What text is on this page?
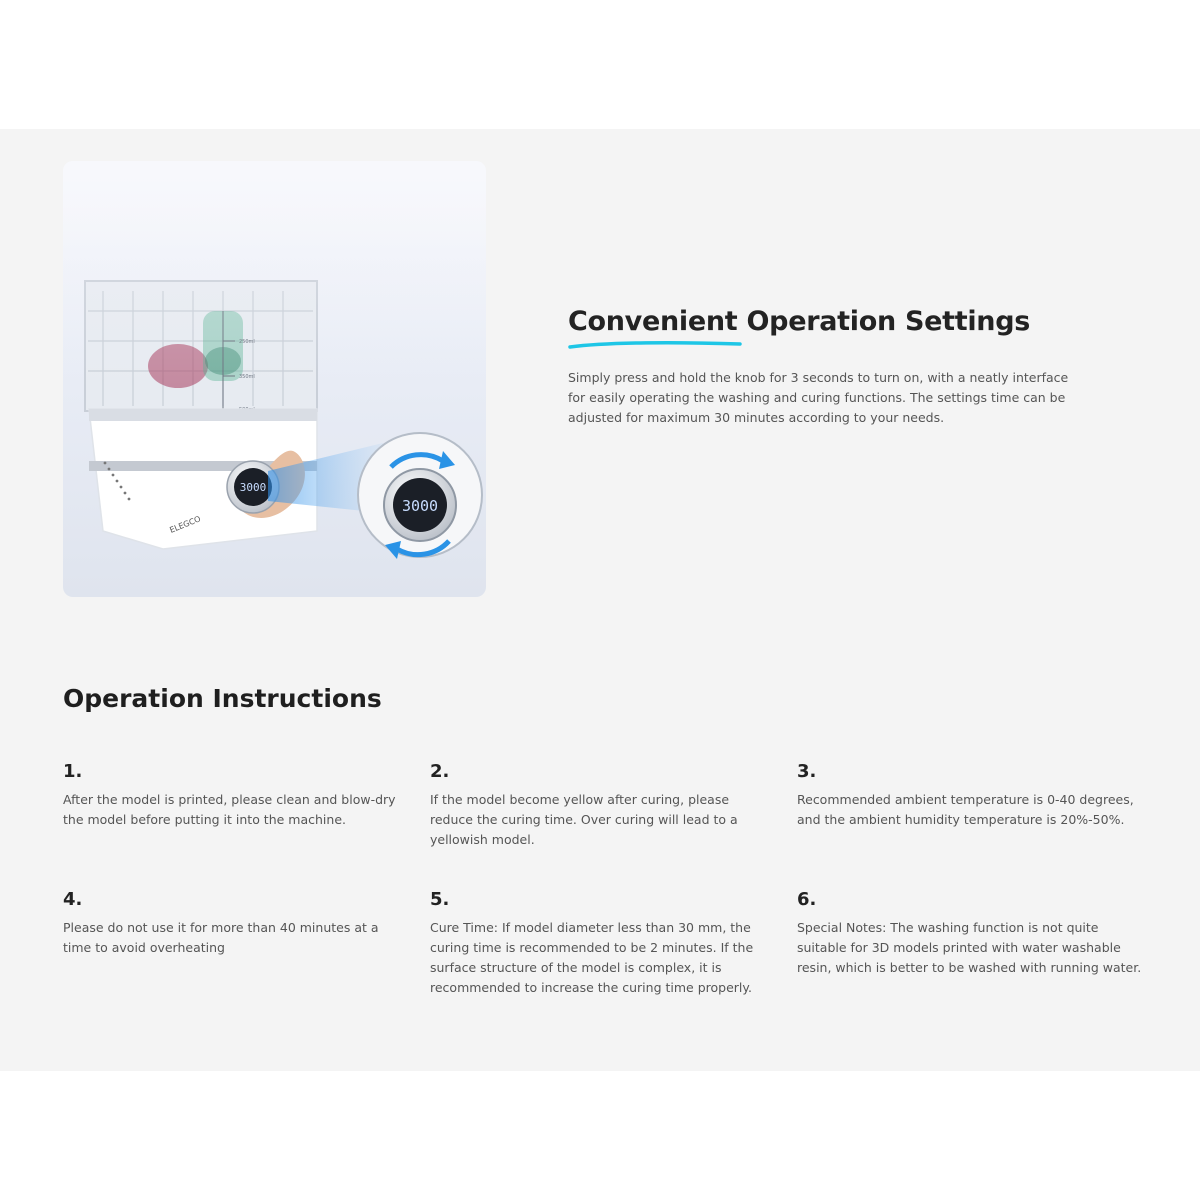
ELEGCO
3000
3000
Convenient Operation Settings

Simply press and hold the knob for 3 seconds to turn on, with a neatly interface for easily operating the washing and curing functions. The settings time can be adjusted for maximum 30 minutes according to your needs.

Operation Instructions
1.

After the model is printed, please clean and blow-dry the model before putting it into the machine.

2.

If the model become yellow after curing, please reduce the curing time. Over curing will lead to a yellowish model.

3.

Recommended ambient temperature is 0-40 degrees, and the ambient humidity temperature is 20%-50%.

4.

Please do not use it for more than 40 minutes at a time to avoid overheating

5.

Cure Time: If model diameter less than 30 mm, the curing time is recommended to be 2 minutes. If the surface structure of the model is complex, it is recommended to increase the curing time properly.

6.

Special Notes: The washing function is not quite suitable for 3D models printed with water washable resin, which is better to be washed with running water.
